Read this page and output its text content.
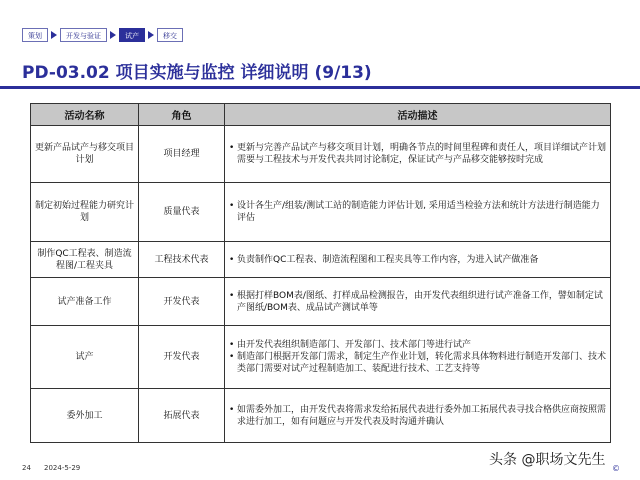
策划	开发与验证	试产	移交
PD-03.02 项目实施与监控 详细说明 (9/13)
活动名称	角色	活动描述
更新产品试产与移交项目计划	项目经理	• 更新与完善产品试产与移交项目计划，明确各节点的时间里程碑和责任人，项目详细试产计划需要与工程技术与开发代表共同讨论制定，保证试产与产品移交能够按时完成

制定初始过程能力研究计划	质量代表	• 设计各生产/组装/测试工站的制造能力评估计划, 采用适当检验方法和统计方法进行制造能力评估

制作QC工程表、制造流程图/工程夹具	工程技术代表	• 负责制作QC工程表、制造流程图和工程夹具等工作内容，为进入试产做准备

试产准备工作	开发代表	• 根据打样BOM表/图纸、打样成品检测报告，由开发代表组织进行试产准备工作，譬如制定试产图纸/BOM表、成品试产测试单等

试产	开发代表	• 由开发代表组织制造部门、开发部门、技术部门等进行试产
• 制造部门根据开发部门需求，制定生产作业计划，转化需求具体物料进行制造开发部门、技术类部门需要对试产过程制造加工、装配进行技术、工艺支持等

委外加工	拓展代表	• 如需委外加工，由开发代表将需求发给拓展代表进行委外加工拓展代表寻找合格供应商按照需求进行加工，如有问题应与开发代表及时沟通并确认
24 2024-5-29	头条 @职场文先生
©
